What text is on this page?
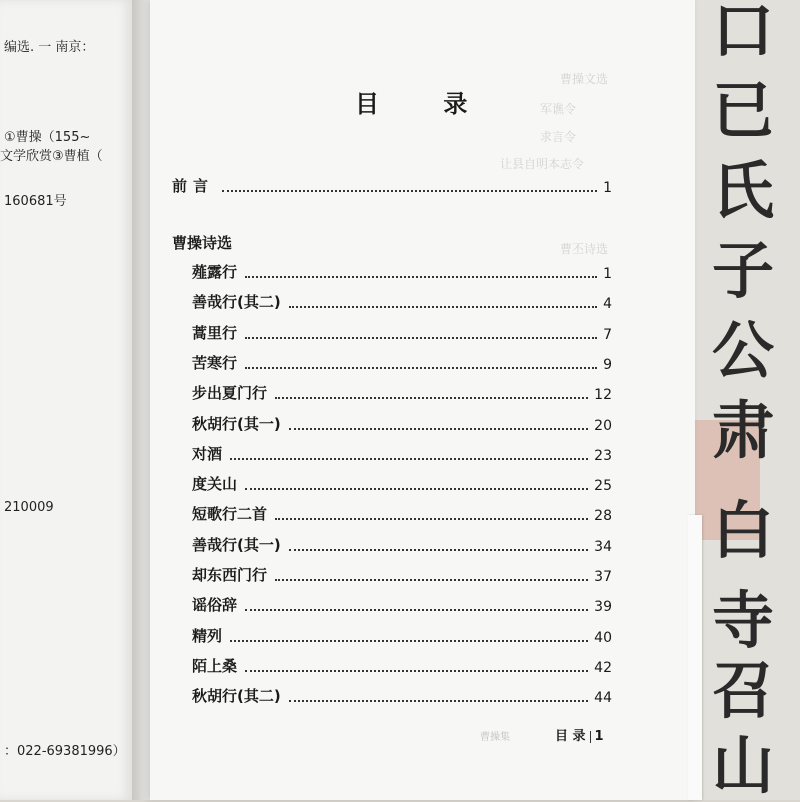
口
已
氏
子
公
肃
白
寺
召
山
编选. 一 南京：
①曹操（155~
文学欣赏③曹植（
160681号
210009
：022-69381996）
曹操文选
军谯令
求言令
让县自明本志令
曹丕诗选
目 录
前言	1
曹操诗选
薤露行	1
善哉行(其二)	4
蒿里行	7
苦寒行	9
步出夏门行	12
秋胡行(其一)	20
对酒	23
度关山	25
短歌行二首	28
善哉行(其一)	34
却东西门行	37
谣俗辞	39
精列	40
陌上桑	42
秋胡行(其二)	44
曹操集	目 录 1
